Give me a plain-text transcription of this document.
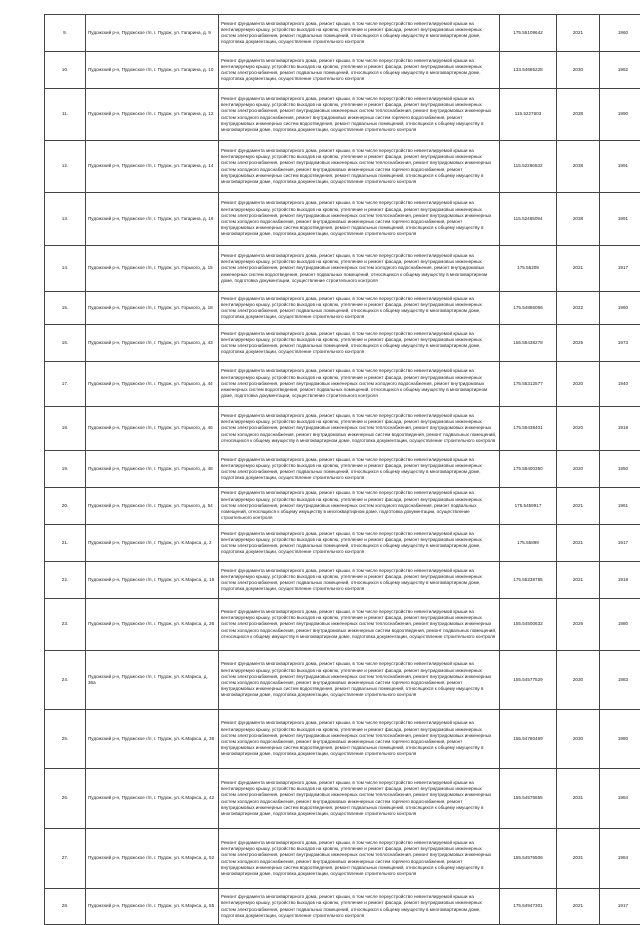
9.	Пудожский р-н, Пудожское г/п, г. Пудож, ул. Гагарина, д. 9	Ремонт фундамента многоквартирного дома, ремонт крыши, в том числе переустройство невентилируемой крыши на вентилируемую крышу, устройство выходов на кровлю, утепление и ремонт фасада, ремонт внутридомовых инженерных систем электроснабжения, ремонт подвальных помещений, относящихся к общему имуществу в многоквартирном доме, подготовка документации, осуществление строительного контроля	175.55109642	2021	1960
10.	Пудожский р-н, Пудожское г/п, г. Пудож, ул. Гагарина, д. 10	Ремонт фундамента многоквартирного дома, ремонт крыши, в том числе переустройство невентилируемой крыши на вентилируемую крышу, устройство выходов на кровлю, утепление и ремонт фасада, ремонт внутридомовых инженерных систем электроснабжения, ремонт подвальных помещений, относящихся к общему имуществу в многоквартирном доме, подготовка документации, осуществление строительного контроля	133.54685228	2030	1962
11.	Пудожский р-н, Пудожское г/п, г. Пудож, ул. Гагарина, д. 12	Ремонт фундамента многоквартирного дома, ремонт крыши, в том числе переустройство невентилируемой крыши на вентилируемую крышу, устройство выходов на кровлю, утепление и ремонт фасада, ремонт внутридомовых инженерных систем электроснабжения, ремонт внутридомовых инженерных систем теплоснабжения, ремонт внутридомовых инженерных систем холодного водоснабжения, ремонт внутридомовых инженерных систем горячего водоснабжения, ремонт внутридомовых инженерных систем водоотведения, ремонт подвальных помещений, относящихся к общему имуществу в многоквартирном доме, подготовка документации, осуществление строительного контроля	115.5227603	2038	1990
12.	Пудожский р-н, Пудожское г/п, г. Пудож, ул. Гагарина, д. 14	Ремонт фундамента многоквартирного дома, ремонт крыши, в том числе переустройство невентилируемой крыши на вентилируемую крышу, устройство выходов на кровлю, утепление и ремонт фасада, ремонт внутридомовых инженерных систем электроснабжения, ремонт внутридомовых инженерных систем теплоснабжения, ремонт внутридомовых инженерных систем холодного водоснабжения, ремонт внутридомовых инженерных систем горячего водоснабжения, ремонт внутридомовых инженерных систем водоотведения, ремонт подвальных помещений, относящихся к общему имуществу в многоквартирном доме, подготовка документации, осуществление строительного контроля	115.52266532	2038	1991
13.	Пудожский р-н, Пудожское г/п, г. Пудож, ул. Гагарина, д. 16	Ремонт фундамента многоквартирного дома, ремонт крыши, в том числе переустройство невентилируемой крыши на вентилируемую крышу, устройство выходов на кровлю, утепление и ремонт фасада, ремонт внутридомовых инженерных систем электроснабжения, ремонт внутридомовых инженерных систем теплоснабжения, ремонт внутридомовых инженерных систем холодного водоснабжения, ремонт внутридомовых инженерных систем горячего водоснабжения, ремонт внутридомовых инженерных систем водоотведения, ремонт подвальных помещений, относящихся к общему имуществу в многоквартирном доме, подготовка документации, осуществление строительного контроля	115.52465094	2038	1991
14.	Пудожский р-н, Пудожское г/п, г. Пудож, ул. Горького, д. 15	Ремонт фундамента многоквартирного дома, ремонт крыши, в том числе переустройство невентилируемой крыши на вентилируемую крышу, устройство выходов на кровлю, утепление и ремонт фасада, ремонт внутридомовых инженерных систем электроснабжения, ремонт внутридомовых инженерных систем холодного водоснабжения, ремонт внутридомовых инженерных систем водоотведения, ремонт подвальных помещений, относящихся к общему имуществу в многоквартирном доме, подготовка документации, осуществление строительного контроля	175.55209	2021	1917
15.	Пудожский р-н, Пудожское г/п, г. Пудож, ул. Горького, д. 18	Ремонт фундамента многоквартирного дома, ремонт крыши, в том числе переустройство невентилируемой крыши на вентилируемую крышу, устройство выходов на кровлю, утепление и ремонт фасада, ремонт внутридомовых инженерных систем электроснабжения, ремонт подвальных помещений, относящихся к общему имуществу в многоквартирном доме, подготовка документации, осуществление строительного контроля	175.54886066	2022	1960
16.	Пудожский р-н, Пудожское г/п, г. Пудож, ул. Горького, д. 43	Ремонт фундамента многоквартирного дома, ремонт крыши, в том числе переустройство невентилируемой крыши на вентилируемую крышу, устройство выходов на кровлю, утепление и ремонт фасада, ремонт внутридомовых инженерных систем электроснабжения, ремонт подвальных помещений, относящихся к общему имуществу в многоквартирном доме, подготовка документации, осуществление строительного контроля	155.55438278	2025	1973
17.	Пудожский р-н, Пудожское г/п, г. Пудож, ул. Горького, д. 44	Ремонт фундамента многоквартирного дома, ремонт крыши, в том числе переустройство невентилируемой крыши на вентилируемую крышу, устройство выходов на кровлю, утепление и ремонт фасада, ремонт внутридомовых инженерных систем электроснабжения, ремонт внутридомовых инженерных систем холодного водоснабжения, ремонт внутридомовых инженерных систем водоотведения, ремонт подвальных помещений, относящихся к общему имуществу в многоквартирном доме, подготовка документации, осуществление строительного контроля	175.55312577	2020	1940
18.	Пудожский р-н, Пудожское г/п, г. Пудож, ул. Горького, д. 46	Ремонт фундамента многоквартирного дома, ремонт крыши, в том числе переустройство невентилируемой крыши на вентилируемую крышу, устройство выходов на кровлю, утепление и ремонт фасада, ремонт внутридомовых инженерных систем электроснабжения, ремонт внутридомовых инженерных систем теплоснабжения, ремонт внутридомовых инженерных систем холодного водоснабжения, ремонт внутридомовых инженерных систем водоотведения, ремонт подвальных помещений, относящихся к общему имуществу в многоквартирном доме, подготовка документации, осуществление строительного контроля	175.55438401	2020	1918
19.	Пудожский р-н, Пудожское г/п, г. Пудож, ул. Горького, д. 48	Ремонт фундамента многоквартирного дома, ремонт крыши, в том числе переустройство невентилируемой крыши на вентилируемую крышу, устройство выходов на кровлю, утепление и ремонт фасада, ремонт внутридомовых инженерных систем электроснабжения, ремонт подвальных помещений, относящихся к общему имуществу в многоквартирном доме, подготовка документации, осуществление строительного контроля	175.55400350	2020	1950
20.	Пудожский р-н, Пудожское г/п, г. Пудож, ул. Горького, д. 54	Ремонт фундамента многоквартирного дома, ремонт крыши, в том числе переустройство невентилируемой крыши на вентилируемую крышу, устройство выходов на кровлю, утепление и ремонт фасада, ремонт внутридомовых инженерных систем электроснабжения, ремонт внутридомовых инженерных систем холодного водоснабжения, ремонт подвальных помещений, относящихся к общему имуществу в многоквартирном доме, подготовка документации, осуществление строительного контроля	175.5459917	2021	1961
21.	Пудожский р-н, Пудожское г/п, г. Пудож, ул. К.Маркса, д. 2	Ремонт фундамента многоквартирного дома, ремонт крыши, в том числе переустройство невентилируемой крыши на вентилируемую крышу, устройство выходов на кровлю, утепление и ремонт фасада, ремонт внутридомовых инженерных систем электроснабжения, ремонт подвальных помещений, относящихся к общему имуществу в многоквартирном доме, подготовка документации, осуществление строительного контроля	175.55899	2021	1917
22.	Пудожский р-н, Пудожское г/п, г. Пудож, ул. К.Маркса, д. 16	Ремонт фундамента многоквартирного дома, ремонт крыши, в том числе переустройство невентилируемой крыши на вентилируемую крышу, устройство выходов на кровлю, утепление и ремонт фасада, ремонт внутридомовых инженерных систем электроснабжения, ремонт подвальных помещений, относящихся к общему имуществу в многоквартирном доме, подготовка документации, осуществление строительного контроля	175.55238785	2021	1918
23.	Пудожский р-н, Пудожское г/п, г. Пудож, ул. К.Маркса, д. 36	Ремонт фундамента многоквартирного дома, ремонт крыши, в том числе переустройство невентилируемой крыши на вентилируемую крышу, устройство выходов на кровлю, утепление и ремонт фасада, ремонт внутридомовых инженерных систем электроснабжения, ремонт внутридомовых инженерных систем теплоснабжения, ремонт внутридомовых инженерных систем холодного водоснабжения, ремонт внутридомовых инженерных систем водоотведения, ремонт подвальных помещений, относящихся к общему имуществу в многоквартирном доме, подготовка документации, осуществление строительного контроля	155.54500632	2026	1980
24.	Пудожский р-н, Пудожское г/п, г. Пудож, ул. К.Маркса, д. 36а	Ремонт фундамента многоквартирного дома, ремонт крыши, в том числе переустройство невентилируемой крыши на вентилируемую крышу, устройство выходов на кровлю, утепление и ремонт фасада, ремонт внутридомовых инженерных систем электроснабжения, ремонт внутридомовых инженерных систем теплоснабжения, ремонт внутридомовых инженерных систем холодного водоснабжения, ремонт внутридомовых инженерных систем горячего водоснабжения, ремонт внутридомовых инженерных систем водоотведения, ремонт подвальных помещений, относящихся к общему имуществу в многоквартирном доме, подготовка документации, осуществление строительного контроля	155.54577529	2030	1983
25.	Пудожский р-н, Пудожское г/п, г. Пудож, ул. К.Маркса, д. 38	Ремонт фундамента многоквартирного дома, ремонт крыши, в том числе переустройство невентилируемой крыши на вентилируемую крышу, устройство выходов на кровлю, утепление и ремонт фасада, ремонт внутридомовых инженерных систем электроснабжения, ремонт внутридомовых инженерных систем теплоснабжения, ремонт внутридомовых инженерных систем холодного водоснабжения, ремонт внутридомовых инженерных систем горячего водоснабжения, ремонт внутридомовых инженерных систем водоотведения, ремонт подвальных помещений, относящихся к общему имуществу в многоквартирном доме, подготовка документации, осуществление строительного контроля	155.54780469	2030	1980
26.	Пудожский р-н, Пудожское г/п, г. Пудож, ул. К.Маркса, д. 42	Ремонт фундамента многоквартирного дома, ремонт крыши, в том числе переустройство невентилируемой крыши на вентилируемую крышу, устройство выходов на кровлю, утепление и ремонт фасада, ремонт внутридомовых инженерных систем электроснабжения, ремонт внутридомовых инженерных систем теплоснабжения, ремонт внутридомовых инженерных систем холодного водоснабжения, ремонт внутридомовых инженерных систем горячего водоснабжения, ремонт внутридомовых инженерных систем водоотведения, ремонт подвальных помещений, относящихся к общему имуществу в многоквартирном доме, подготовка документации, осуществление строительного контроля	155.54576655	2031	1984
27.	Пудожский р-н, Пудожское г/п, г. Пудож, ул. К.Маркса, д. 52	Ремонт фундамента многоквартирного дома, ремонт крыши, в том числе переустройство невентилируемой крыши на вентилируемую крышу, устройство выходов на кровлю, утепление и ремонт фасада, ремонт внутридомовых инженерных систем электроснабжения, ремонт внутридомовых инженерных систем теплоснабжения, ремонт внутридомовых инженерных систем холодного водоснабжения, ремонт внутридомовых инженерных систем горячего водоснабжения, ремонт внутридомовых инженерных систем водоотведения, ремонт подвальных помещений, относящихся к общему имуществу в многоквартирном доме, подготовка документации, осуществление строительного контроля	155.54576506	2031	1984
28.	Пудожский р-н, Пудожское г/п, г. Пудож, ул. К.Маркса, д. 55	Ремонт фундамента многоквартирного дома, ремонт крыши, в том числе переустройство невентилируемой крыши на вентилируемую крышу, устройство выходов на кровлю, утепление и ремонт фасада, ремонт внутридомовых инженерных систем электроснабжения, ремонт подвальных помещений, относящихся к общему имуществу в многоквартирном доме, подготовка документации, осуществление строительного контроля	175.54947301	2021	1917
